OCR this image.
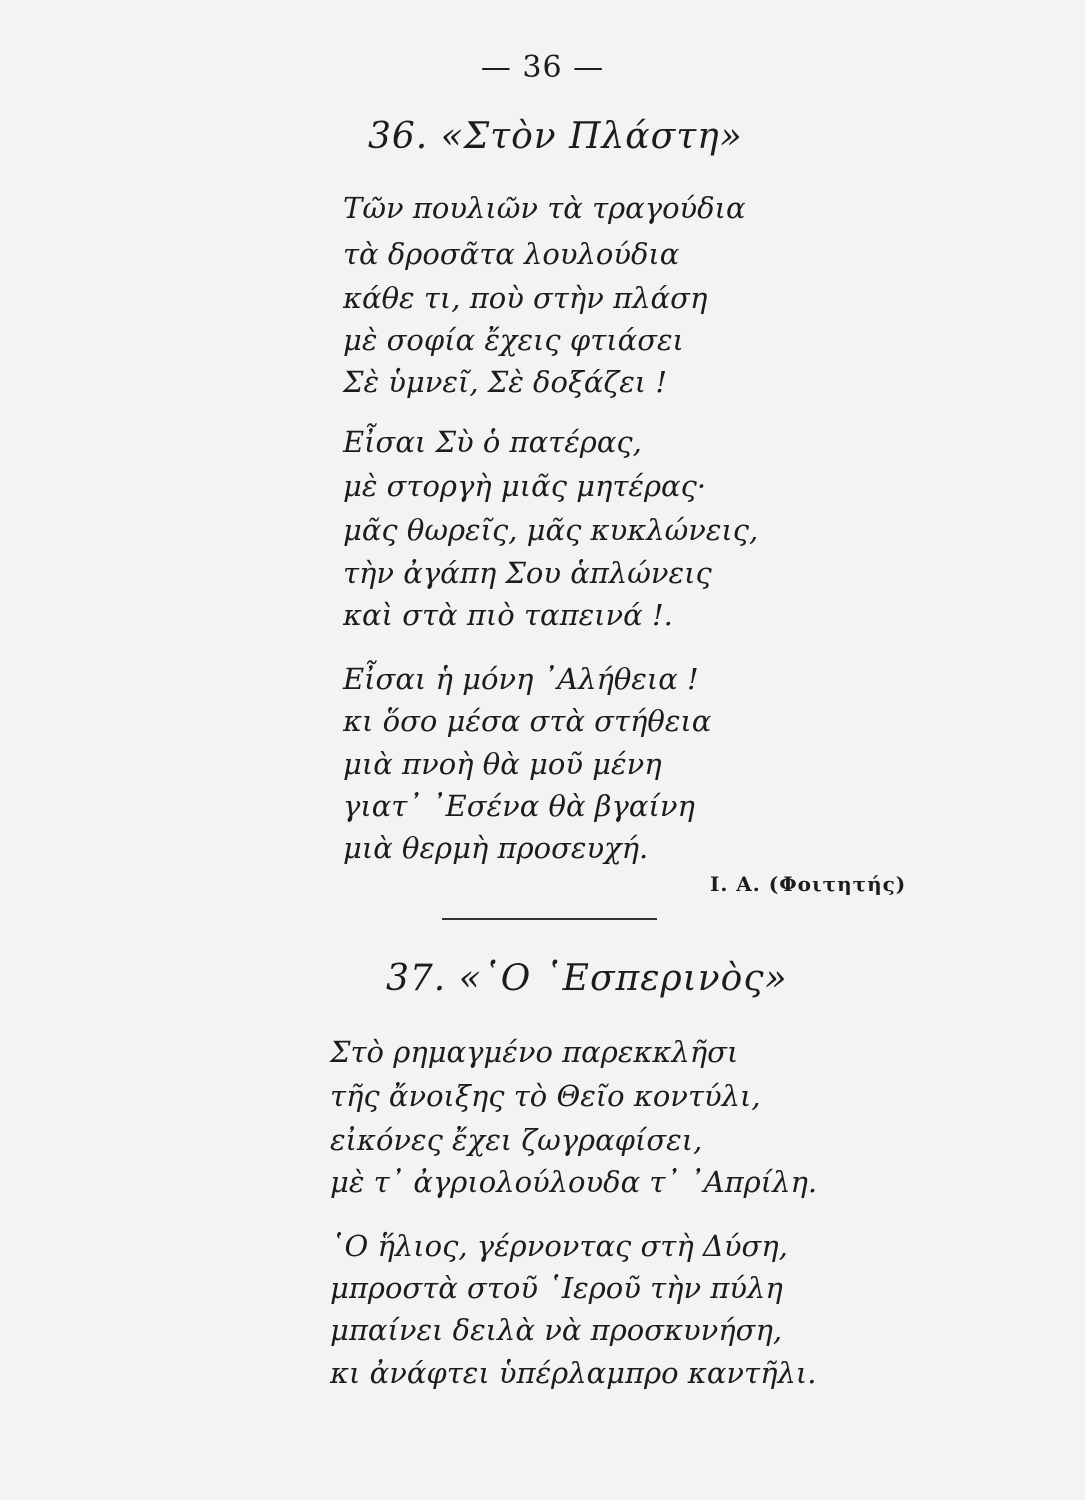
— 36 —
36. «Στὸν Πλάστη»
Τῶν πουλιῶν τὰ τραγούδια
τὰ δροσᾶτα λουλούδια
κάθε τι, ποὺ στὴν πλάση
μὲ σοφία ἔχεις φτιάσει
Σὲ ὑμνεῖ, Σὲ δοξάζει !
Εἶσαι Σὺ ὁ πατέρας,
μὲ στοργὴ μιᾶς μητέρας·
μᾶς θωρεῖς, μᾶς κυκλώνεις,
τὴν ἀγάπη Σου ἁπλώνεις
καὶ στὰ πιὸ ταπεινά !.
Εἶσαι ἡ μόνη ᾿Αλήθεια !
κι ὅσο μέσα στὰ στήθεια
μιὰ πνοὴ θὰ μοῦ μένη
γιατ᾿ ᾿Εσένα θὰ βγαίνη
μιὰ θερμὴ προσευχή.
Ι. Α. (Φοιτητής)
37. «῾Ο ῾Εσπερινὸς»
Στὸ ρημαγμένο παρεκκλῆσι
τῆς ἄνοιξης τὸ Θεῖο κοντύλι,
εἰκόνες ἔχει ζωγραφίσει,
μὲ τ᾿ ἀγριολούλουδα τ᾿ ᾿Απρίλη.
῾Ο ἥλιος, γέρνοντας στὴ Δύση,
μπροστὰ στοῦ ῾Ιεροῦ τὴν πύλη
μπαίνει δειλὰ νὰ προσκυνήση,
κι ἀνάφτει ὑπέρλαμπρο καντῆλι.
